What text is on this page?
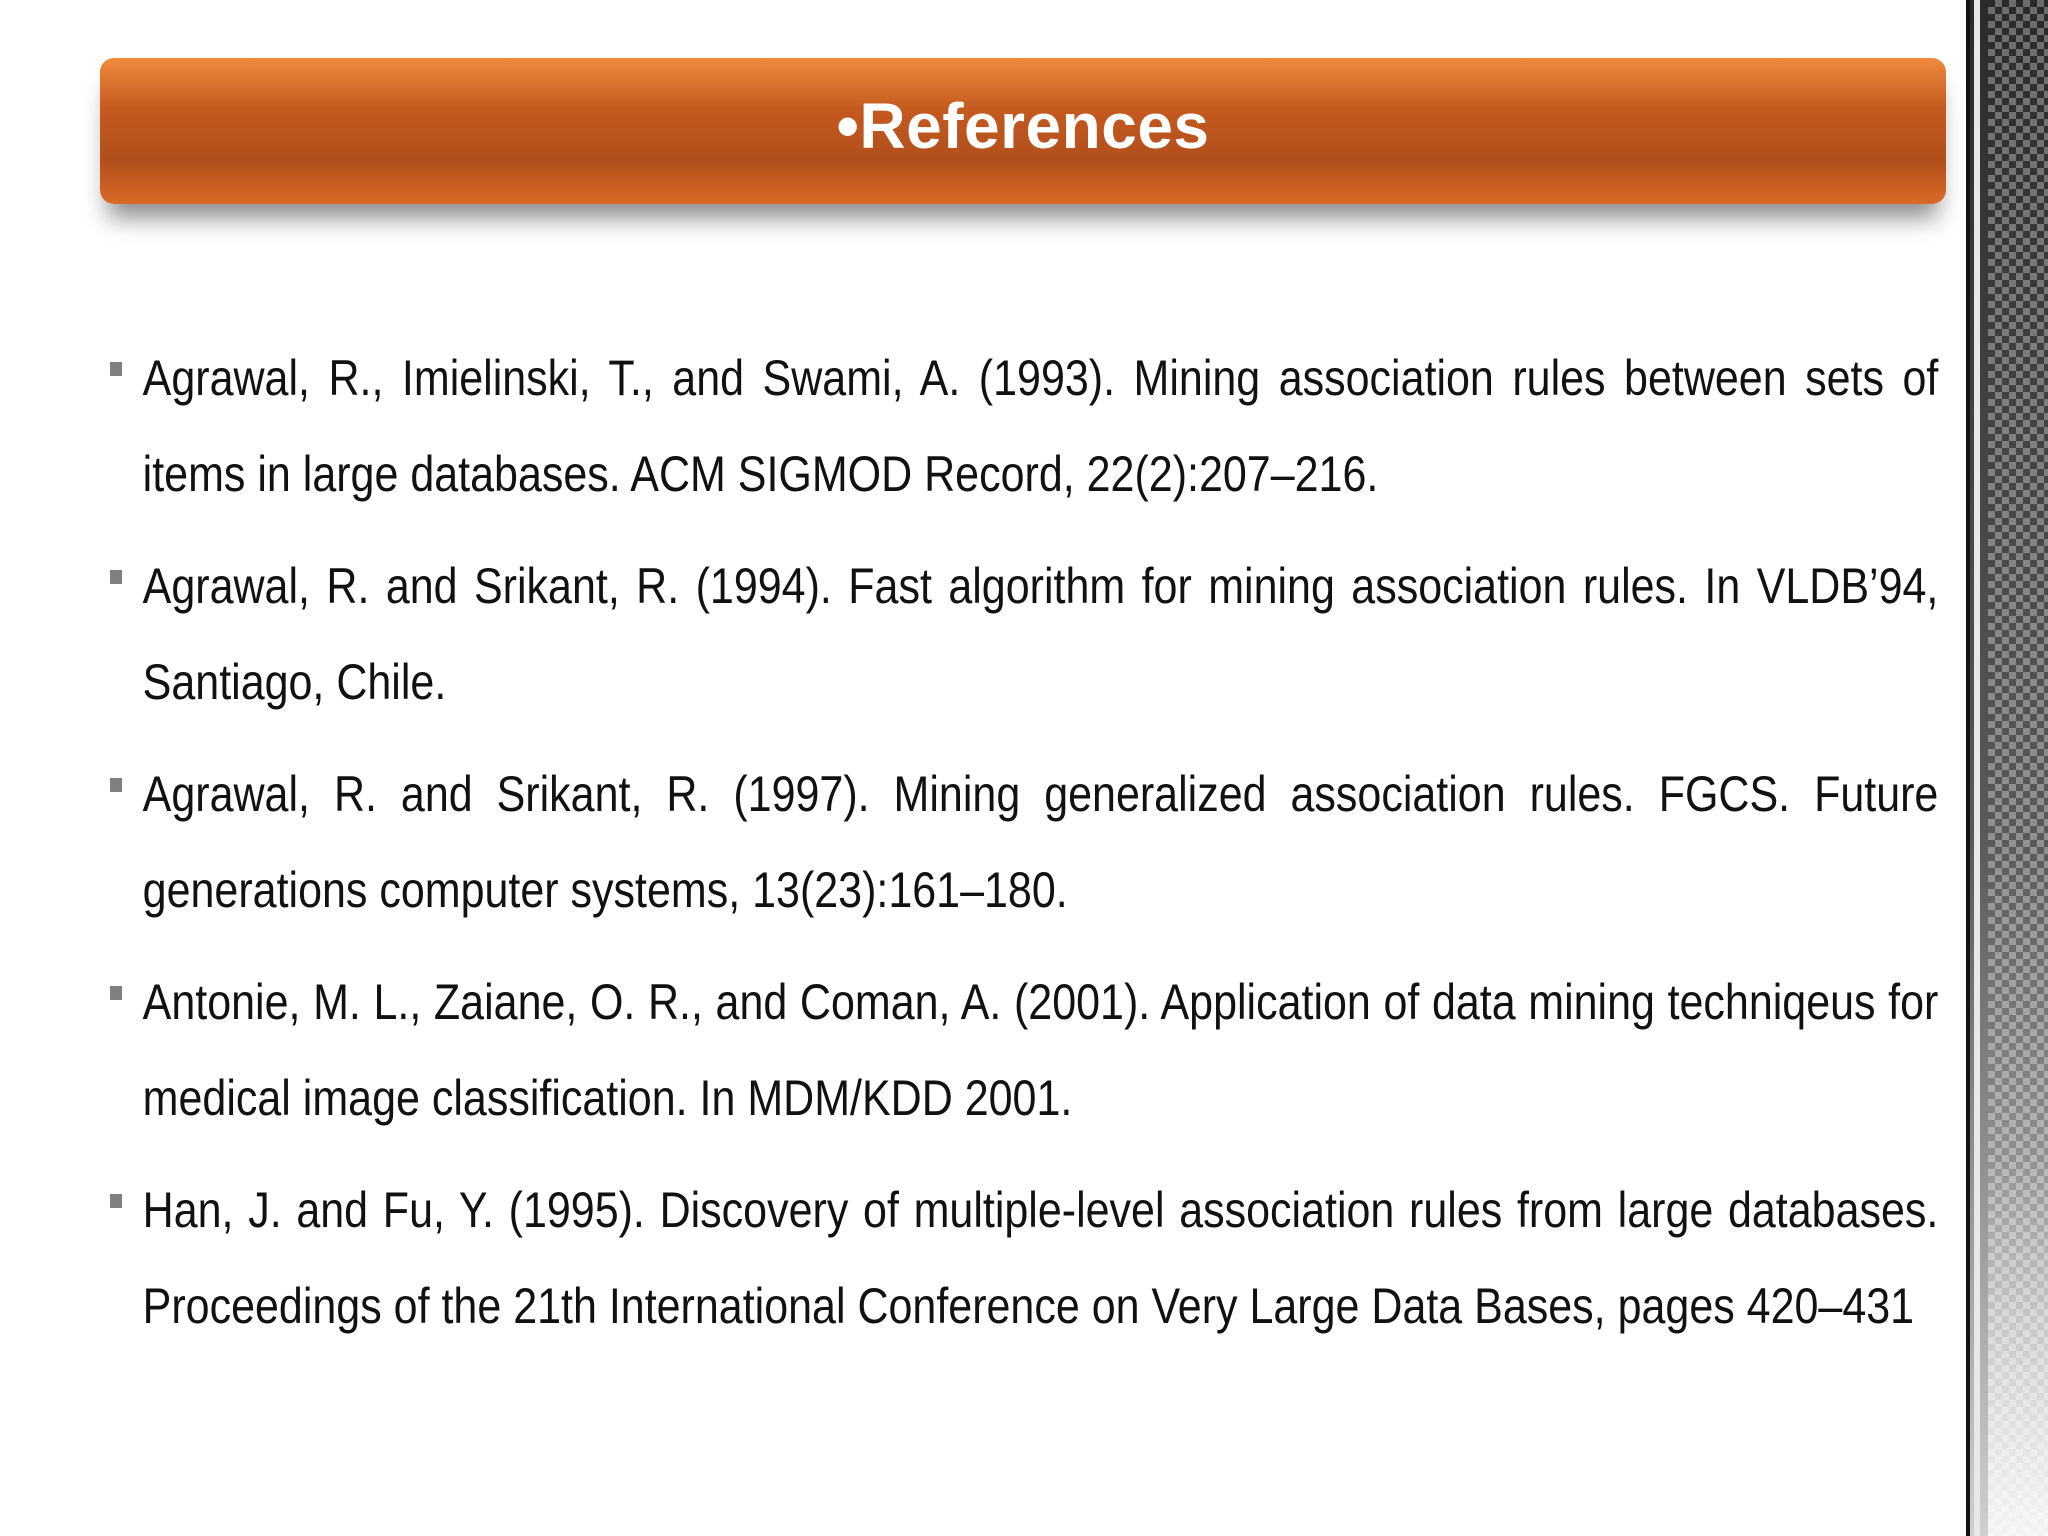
•References
Agrawal, R., Imielinski, T., and Swami, A. (1993). Mining association rules between sets of items in large databases. ACM SIGMOD Record, 22(2):207–216.
Agrawal, R. and Srikant, R. (1994). Fast algorithm for mining association rules. In VLDB’94, Santiago, Chile.
Agrawal, R. and Srikant, R. (1997). Mining generalized association rules. FGCS. Future generations computer systems, 13(23):161–180.
Antonie, M. L., Zaiane, O. R., and Coman, A. (2001). Application of data mining techniqeus for medical image classification. In MDM/KDD 2001.
Han, J. and Fu, Y. (1995). Discovery of multiple-level association rules from large databases. Proceedings of the 21th International Conference on Very Large Data Bases, pages 420–431
